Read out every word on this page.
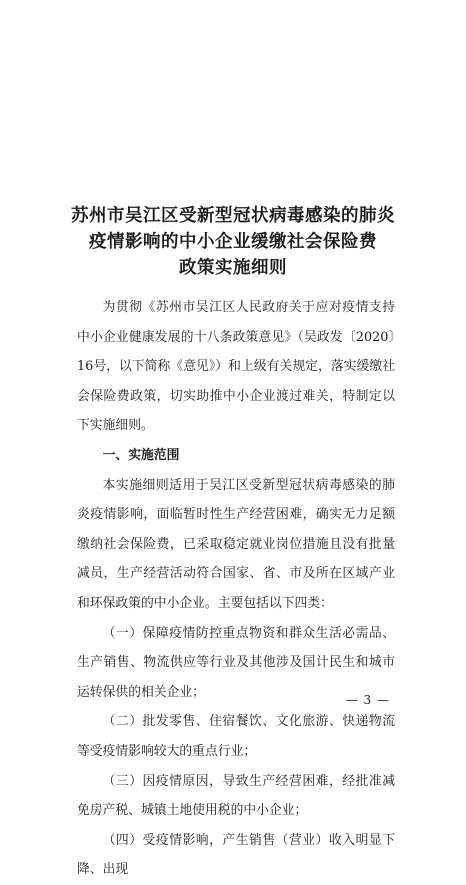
苏州市吴江区受新型冠状病毒感染的肺炎
疫情影响的中小企业缓缴社会保险费
政策实施细则

为贯彻《苏州市吴江区人民政府关于应对疫情支持中小企业健康发展的十八条政策意见》（吴政发〔2020〕16号，以下简称《意见》）和上级有关规定，落实缓缴社会保险费政策，切实助推中小企业渡过难关，特制定以下实施细则。

一、实施范围

本实施细则适用于吴江区受新型冠状病毒感染的肺炎疫情影响，面临暂时性生产经营困难，确实无力足额缴纳社会保险费，已采取稳定就业岗位措施且没有批量减员，生产经营活动符合国家、省、市及所在区域产业和环保政策的中小企业。主要包括以下四类：

（一）保障疫情防控重点物资和群众生活必需品、生产销售、物流供应等行业及其他涉及国计民生和城市运转保供的相关企业；

（二）批发零售、住宿餐饮、文化旅游、快递物流等受疫情影响较大的重点行业；

（三）因疫情原因，导致生产经营困难，经批准减免房产税、城镇土地使用税的中小企业；

（四）受疫情影响，产生销售（营业）收入明显下降、出现

— 3 —
